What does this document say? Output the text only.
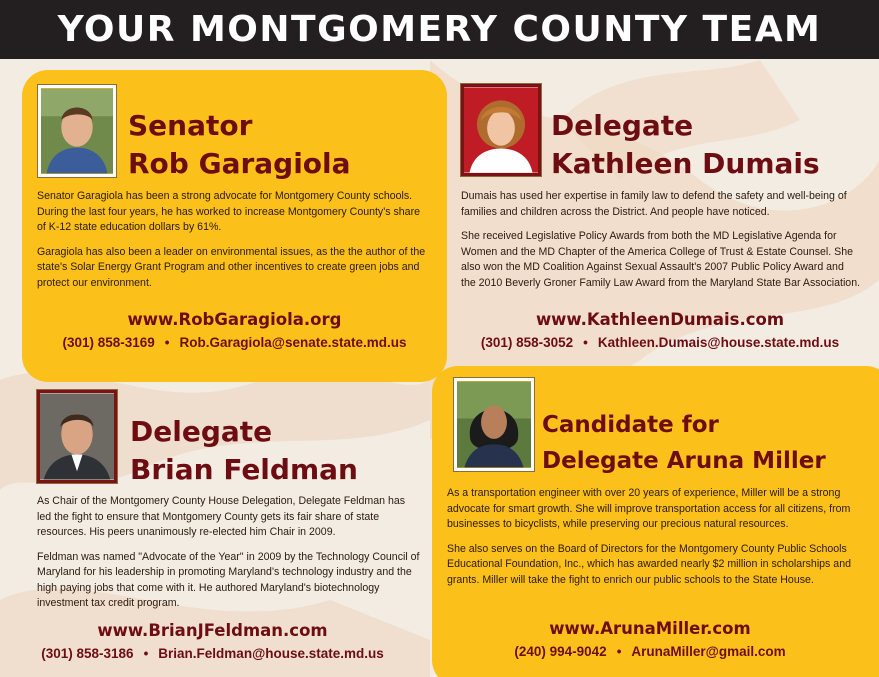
YOUR MONTGOMERY COUNTY TEAM
Senator
Rob Garagiola

Senator Garagiola has been a strong advocate for Montgomery County schools. During the last four years, he has worked to increase Montgomery County's share of K-12 state education dollars by 61%.

Garagiola has also been a leader on environmental issues, as the the author of the state's Solar Energy Grant Program and other incentives to create green jobs and protect our environment.

www.RobGaragiola.org
(301) 858-3169 • Rob.Garagiola@senate.state.md.us
Delegate
Kathleen Dumais

Dumais has used her expertise in family law to defend the safety and well-being of families and children across the District. And people have noticed.

She received Legislative Policy Awards from both the MD Legislative Agenda for Women and the MD Chapter of the America College of Trust & Estate Counsel. She also won the MD Coalition Against Sexual Assault's 2007 Public Policy Award and the 2010 Beverly Groner Family Law Award from the Maryland State Bar Association.

www.KathleenDumais.com
(301) 858-3052 • Kathleen.Dumais@house.state.md.us
Delegate
Brian Feldman

As Chair of the Montgomery County House Delegation, Delegate Feldman has led the fight to ensure that Montgomery County gets its fair share of state resources. His peers unanimously re-elected him Chair in 2009.

Feldman was named "Advocate of the Year" in 2009 by the Technology Council of Maryland for his leadership in promoting Maryland's technology industry and the high paying jobs that come with it. He authored Maryland's biotechnology investment tax credit program.

www.BrianJFeldman.com
(301) 858-3186 • Brian.Feldman@house.state.md.us
Candidate for
Delegate Aruna Miller

As a transportation engineer with over 20 years of experience, Miller will be a strong advocate for smart growth. She will improve transportation access for all citizens, from businesses to bicyclists, while preserving our precious natural resources.

She also serves on the Board of Directors for the Montgomery County Public Schools Educational Foundation, Inc., which has awarded nearly $2 million in scholarships and grants. Miller will take the fight to enrich our public schools to the State House.

www.ArunaMiller.com
(240) 994-9042 • ArunaMiller@gmail.com
